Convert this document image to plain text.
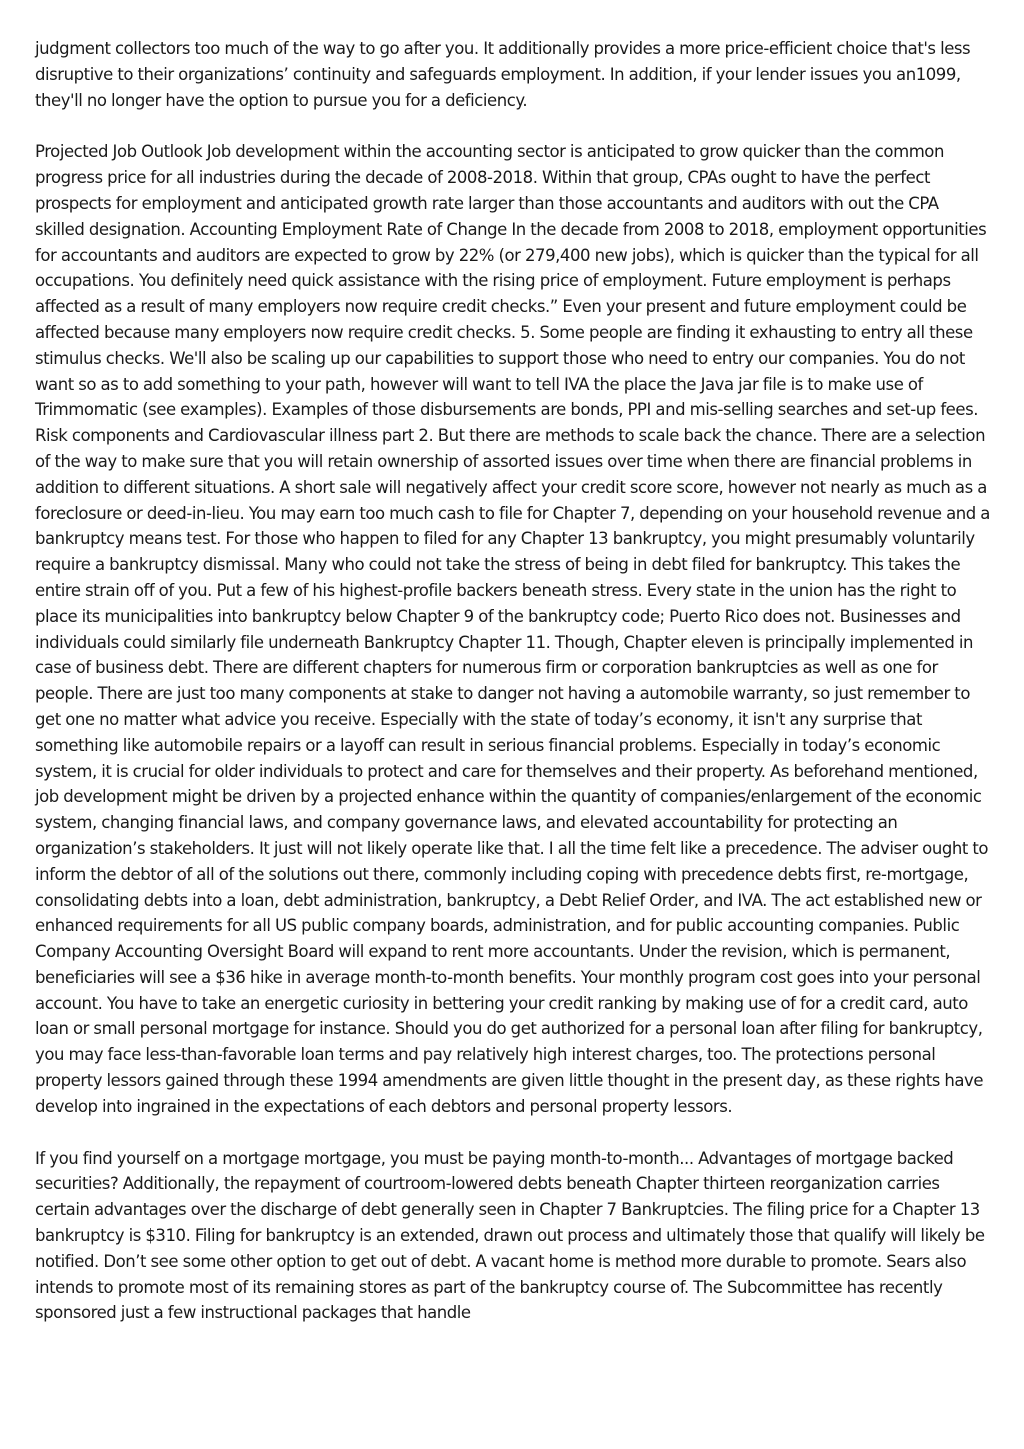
judgment collectors too much of the way to go after you. It additionally provides a more price-efficient choice that's less disruptive to their organizations’ continuity and safeguards employment. In addition, if your lender issues you an1099, they'll no longer have the option to pursue you for a deficiency.

Projected Job Outlook Job development within the accounting sector is anticipated to grow quicker than the common progress price for all industries during the decade of 2008-2018. Within that group, CPAs ought to have the perfect prospects for employment and anticipated growth rate larger than those accountants and auditors with out the CPA skilled designation. Accounting Employment Rate of Change In the decade from 2008 to 2018, employment opportunities for accountants and auditors are expected to grow by 22% (or 279,400 new jobs), which is quicker than the typical for all occupations. You definitely need quick assistance with the rising price of employment. Future employment is perhaps affected as a result of many employers now require credit checks.” Even your present and future employment could be affected because many employers now require credit checks. 5. Some people are finding it exhausting to entry all these stimulus checks. We'll also be scaling up our capabilities to support those who need to entry our companies. You do not want so as to add something to your path, however will want to tell IVA the place the Java jar file is to make use of Trimmomatic (see examples). Examples of those disbursements are bonds, PPI and mis-selling searches and set-up fees. Risk components and Cardiovascular illness part 2. But there are methods to scale back the chance. There are a selection of the way to make sure that you will retain ownership of assorted issues over time when there are financial problems in addition to different situations. A short sale will negatively affect your credit score score, however not nearly as much as a foreclosure or deed-in-lieu. You may earn too much cash to file for Chapter 7, depending on your household revenue and a bankruptcy means test. For those who happen to filed for any Chapter 13 bankruptcy, you might presumably voluntarily require a bankruptcy dismissal. Many who could not take the stress of being in debt filed for bankruptcy. This takes the entire strain off of you. Put a few of his highest-profile backers beneath stress. Every state in the union has the right to place its municipalities into bankruptcy below Chapter 9 of the bankruptcy code; Puerto Rico does not. Businesses and individuals could similarly file underneath Bankruptcy Chapter 11. Though, Chapter eleven is principally implemented in case of business debt. There are different chapters for numerous firm or corporation bankruptcies as well as one for people. There are just too many components at stake to danger not having a automobile warranty, so just remember to get one no matter what advice you receive. Especially with the state of today’s economy, it isn't any surprise that something like automobile repairs or a layoff can result in serious financial problems. Especially in today’s economic system, it is crucial for older individuals to protect and care for themselves and their property. As beforehand mentioned, job development might be driven by a projected enhance within the quantity of companies/enlargement of the economic system, changing financial laws, and company governance laws, and elevated accountability for protecting an organization’s stakeholders. It just will not likely operate like that. I all the time felt like a precedence. The adviser ought to inform the debtor of all of the solutions out there, commonly including coping with precedence debts first, re-mortgage, consolidating debts into a loan, debt administration, bankruptcy, a Debt Relief Order, and IVA. The act established new or enhanced requirements for all US public company boards, administration, and for public accounting companies. Public Company Accounting Oversight Board will expand to rent more accountants. Under the revision, which is permanent, beneficiaries will see a $36 hike in average month-to-month benefits. Your monthly program cost goes into your personal account. You have to take an energetic curiosity in bettering your credit ranking by making use of for a credit card, auto loan or small personal mortgage for instance. Should you do get authorized for a personal loan after filing for bankruptcy, you may face less-than-favorable loan terms and pay relatively high interest charges, too. The protections personal property lessors gained through these 1994 amendments are given little thought in the present day, as these rights have develop into ingrained in the expectations of each debtors and personal property lessors.

If you find yourself on a mortgage mortgage, you must be paying month-to-month... Advantages of mortgage backed securities? Additionally, the repayment of courtroom-lowered debts beneath Chapter thirteen reorganization carries certain advantages over the discharge of debt generally seen in Chapter 7 Bankruptcies. The filing price for a Chapter 13 bankruptcy is $310. Filing for bankruptcy is an extended, drawn out process and ultimately those that qualify will likely be notified. Don’t see some other option to get out of debt. A vacant home is method more durable to promote. Sears also intends to promote most of its remaining stores as part of the bankruptcy course of. The Subcommittee has recently sponsored just a few instructional packages that handle
